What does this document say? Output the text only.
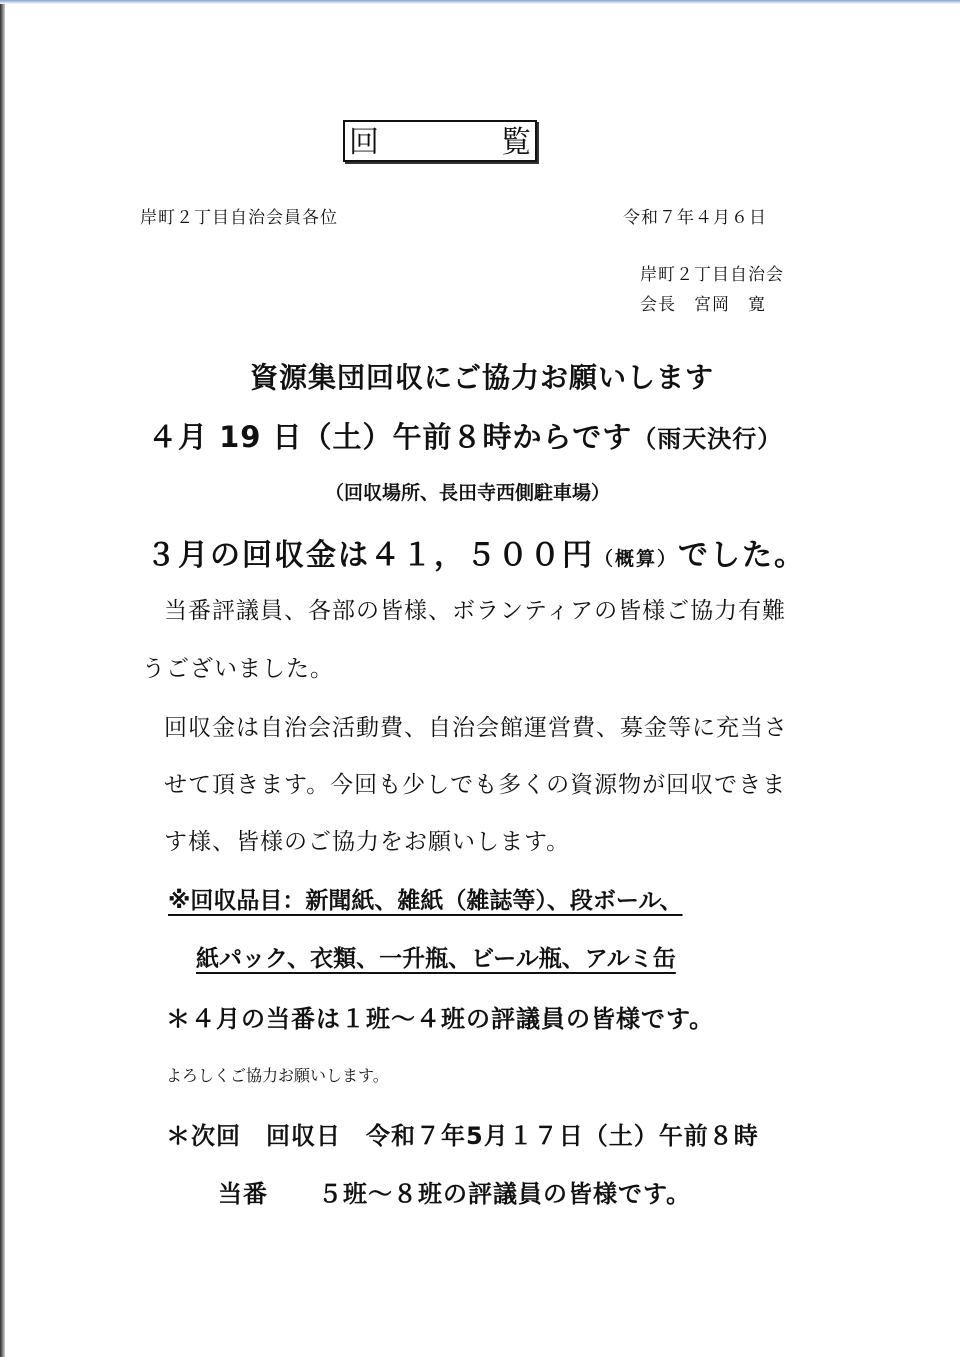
回	覧
岸町２丁目自治会員各位	令和７年４月６日
岸町２丁目自治会
会長　宮岡　寛
資源集団回収にご協力お願いします
４月 19 日（土）午前８時からです（雨天決行）
（回収場所、長田寺西側駐車場）
３月の回収金は４１，５００円（概算）でした。
当番評議員、各部の皆様、ボランティアの皆様ご協力有難
うございました。
回収金は自治会活動費、自治会館運営費、募金等に充当さ
せて頂きます。今回も少しでも多くの資源物が回収できま
す様、皆様のご協力をお願いします。
※回収品目：新聞紙、雑紙（雑誌等）、段ボール、
紙パック、衣類、一升瓶、ビール瓶、アルミ缶
＊４月の当番は１班～４班の評議員の皆様です。
よろしくご協力お願いします。
＊次回　回収日　令和７年5月１７日（土）午前８時
当番　　５班～８班の評議員の皆様です。
